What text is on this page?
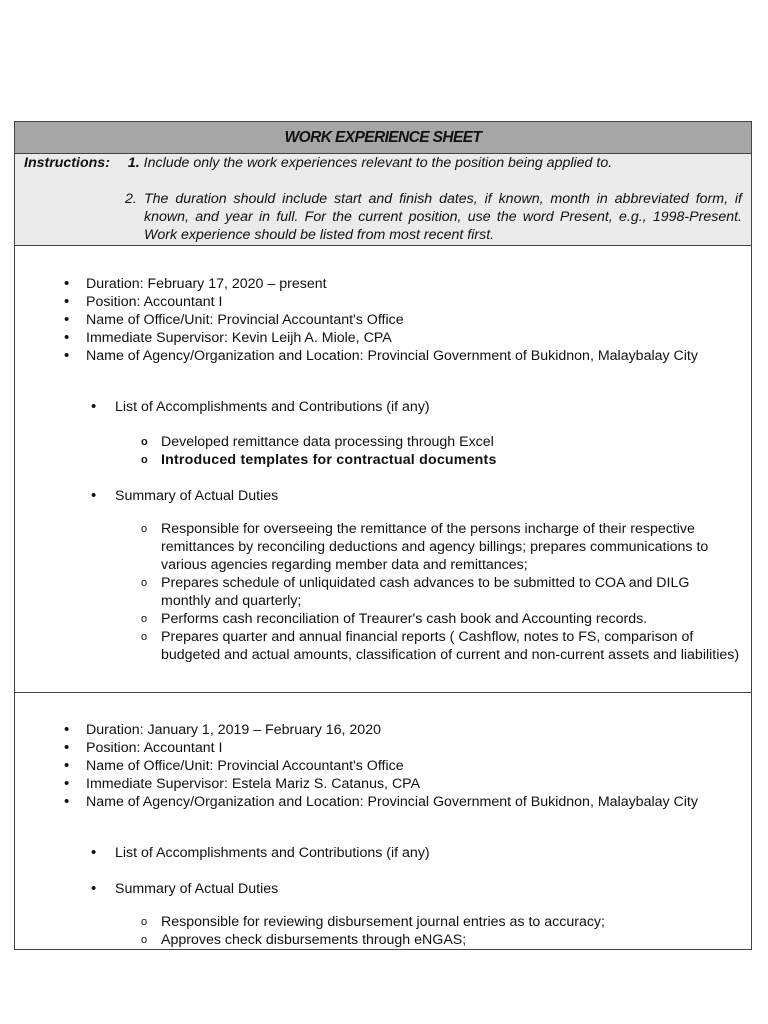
WORK EXPERIENCE SHEET
Instructions: 1. Include only the work experiences relevant to the position being applied to.
2. The duration should include start and finish dates, if known, month in abbreviated form, if known, and year in full. For the current position, use the word Present, e.g., 1998-Present. Work experience should be listed from most recent first.
• Duration: February 17, 2020 – present
• Position: Accountant I
• Name of Office/Unit: Provincial Accountant's Office
• Immediate Supervisor: Kevin Leijh A. Miole, CPA
• Name of Agency/Organization and Location: Provincial Government of Bukidnon, Malaybalay City
• List of Accomplishments and Contributions (if any)
o Developed remittance data processing through Excel
o Introduced templates for contractual documents
• Summary of Actual Duties
o Responsible for overseeing the remittance of the persons incharge of their respective remittances by reconciling deductions and agency billings; prepares communications to various agencies regarding member data and remittances;
o Prepares schedule of unliquidated cash advances to be submitted to COA and DILG monthly and quarterly;
o Performs cash reconciliation of Treaurer's cash book and Accounting records.
o Prepares quarter and annual financial reports ( Cashflow, notes to FS, comparison of budgeted and actual amounts, classification of current and non-current assets and liabilities)
• Duration: January 1, 2019 – February 16, 2020
• Position: Accountant I
• Name of Office/Unit: Provincial Accountant's Office
• Immediate Supervisor: Estela Mariz S. Catanus, CPA
• Name of Agency/Organization and Location: Provincial Government of Bukidnon, Malaybalay City
• List of Accomplishments and Contributions (if any)
• Summary of Actual Duties
o Responsible for reviewing disbursement journal entries as to accuracy;
o Approves check disbursements through eNGAS;
